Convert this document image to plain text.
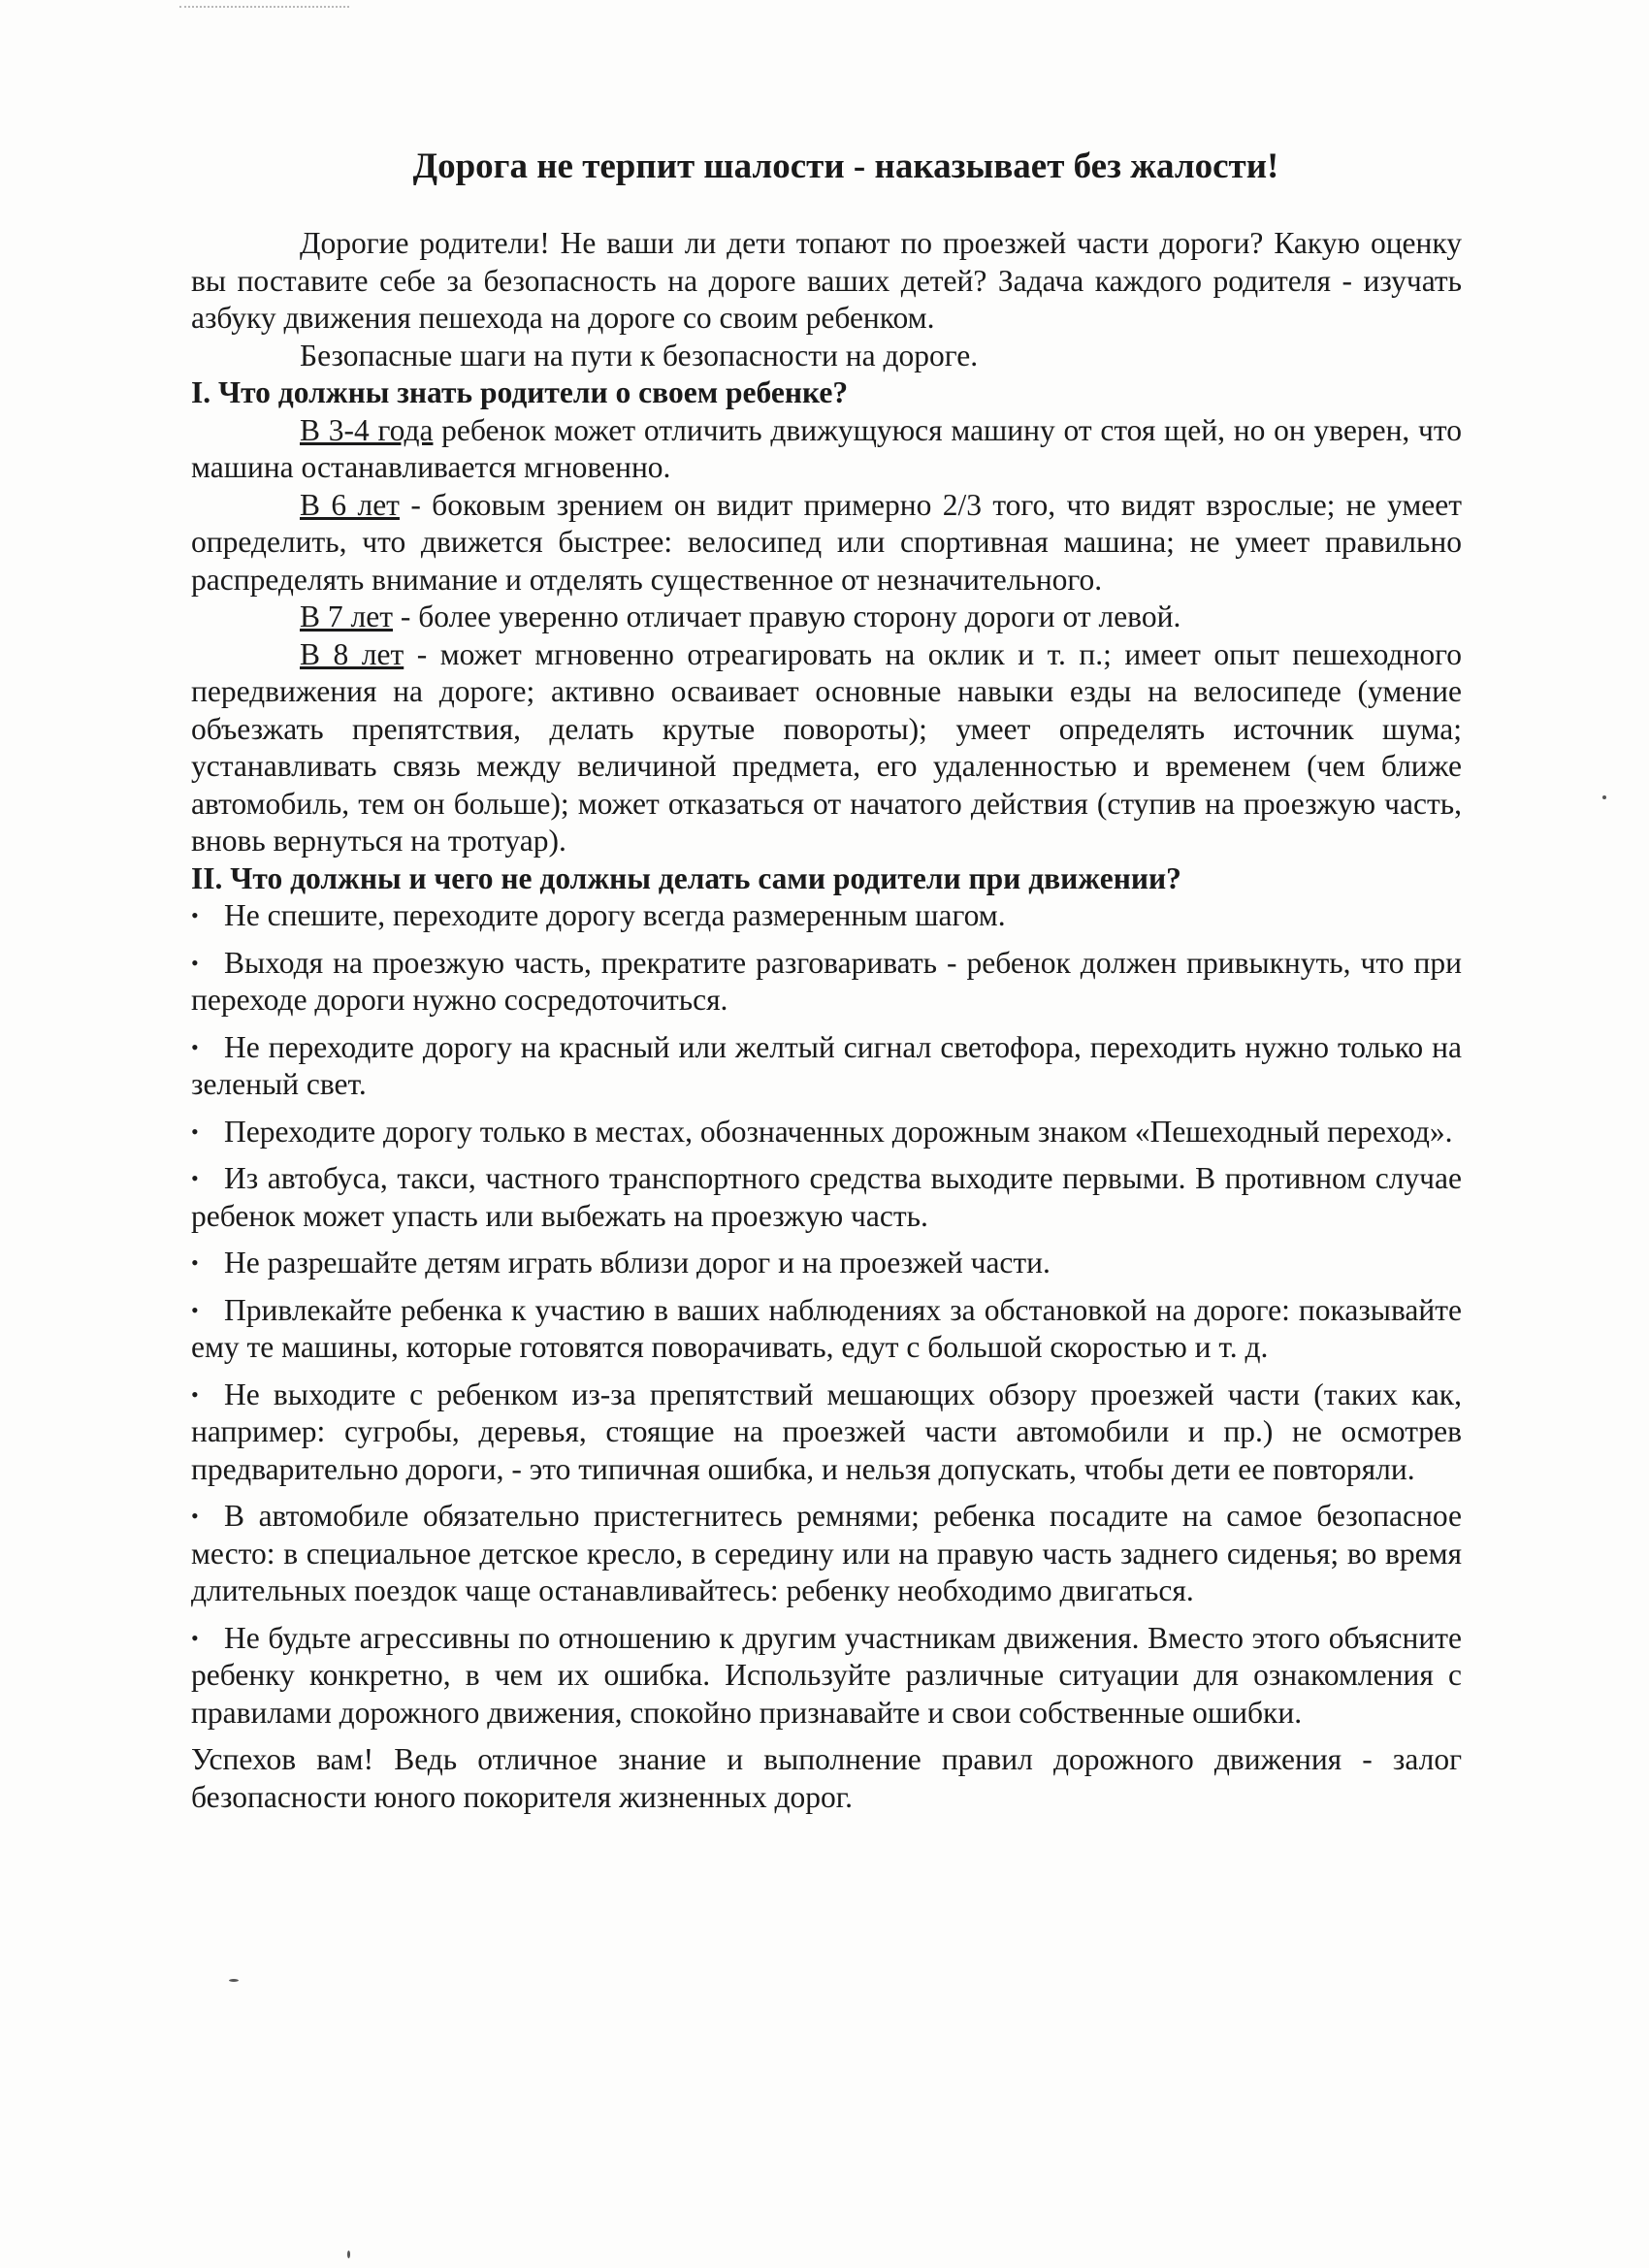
Дорога не терпит шалости - наказывает без жалости!

Дорогие родители! Не ваши ли дети топают по проезжей части дороги? Какую оценку вы поставите себе за безопасность на дороге ваших детей? Задача каждого родителя - изучать азбуку движения пешехода на дороге со своим ребенком.

Безопасные шаги на пути к безопасности на дороге.

I. Что должны знать родители о своем ребенке?

В 3-4 года ребенок может отличить движущуюся машину от стоя щей, но он уверен, что машина останавливается мгновенно.

В 6 лет - боковым зрением он видит примерно 2/3 того, что видят взрослые; не умеет определить, что движется быстрее: велосипед или спортивная машина; не умеет правильно распределять внимание и отделять существенное от незначительного.

В 7 лет - более уверенно отличает правую сторону дороги от левой.

В 8 лет - может мгновенно отреагировать на оклик и т. п.; имеет опыт пешеходного передвижения на дороге; активно осваивает основные навыки езды на велосипеде (умение объезжать препятствия, делать крутые повороты); умеет определять источник шума; устанавливать связь между величиной предмета, его удаленностью и временем (чем ближе автомобиль, тем он больше); может отказаться от начатого действия (ступив на проезжую часть, вновь вернуться на тротуар).

II. Что должны и чего не должны делать сами родители при движении?

• Не спешите, переходите дорогу всегда размеренным шагом.
• Выходя на проезжую часть, прекратите разговаривать - ребенок должен привыкнуть, что при переходе дороги нужно сосредоточиться.
• Не переходите дорогу на красный или желтый сигнал светофора, переходить нужно только на зеленый свет.
• Переходите дорогу только в местах, обозначенных дорожным знаком «Пешеходный переход».
• Из автобуса, такси, частного транспортного средства выходите первыми. В противном случае ребенок может упасть или выбежать на проезжую часть.
• Не разрешайте детям играть вблизи дорог и на проезжей части.
• Привлекайте ребенка к участию в ваших наблюдениях за обстановкой на дороге: показывайте ему те машины, которые готовятся поворачивать, едут с большой скоростью и т. д.
• Не выходите с ребенком из-за препятствий мешающих обзору проезжей части (таких как, например: сугробы, деревья, стоящие на проезжей части автомобили и пр.) не осмотрев предварительно дороги, - это типичная ошибка, и нельзя допускать, чтобы дети ее повторяли.
• В автомобиле обязательно пристегнитесь ремнями; ребенка посадите на самое безопасное место: в специальное детское кресло, в середину или на правую часть заднего сиденья; во время длительных поездок чаще останавливайтесь: ребенку необходимо двигаться.
• Не будьте агрессивны по отношению к другим участникам движения. Вместо этого объясните ребенку конкретно, в чем их ошибка. Используйте различные ситуации для ознакомления с правилами дорожного движения, спокойно признавайте и свои собственные ошибки.

Успехов вам! Ведь отличное знание и выполнение правил дорожного движения - залог безопасности юного покорителя жизненных дорог.
